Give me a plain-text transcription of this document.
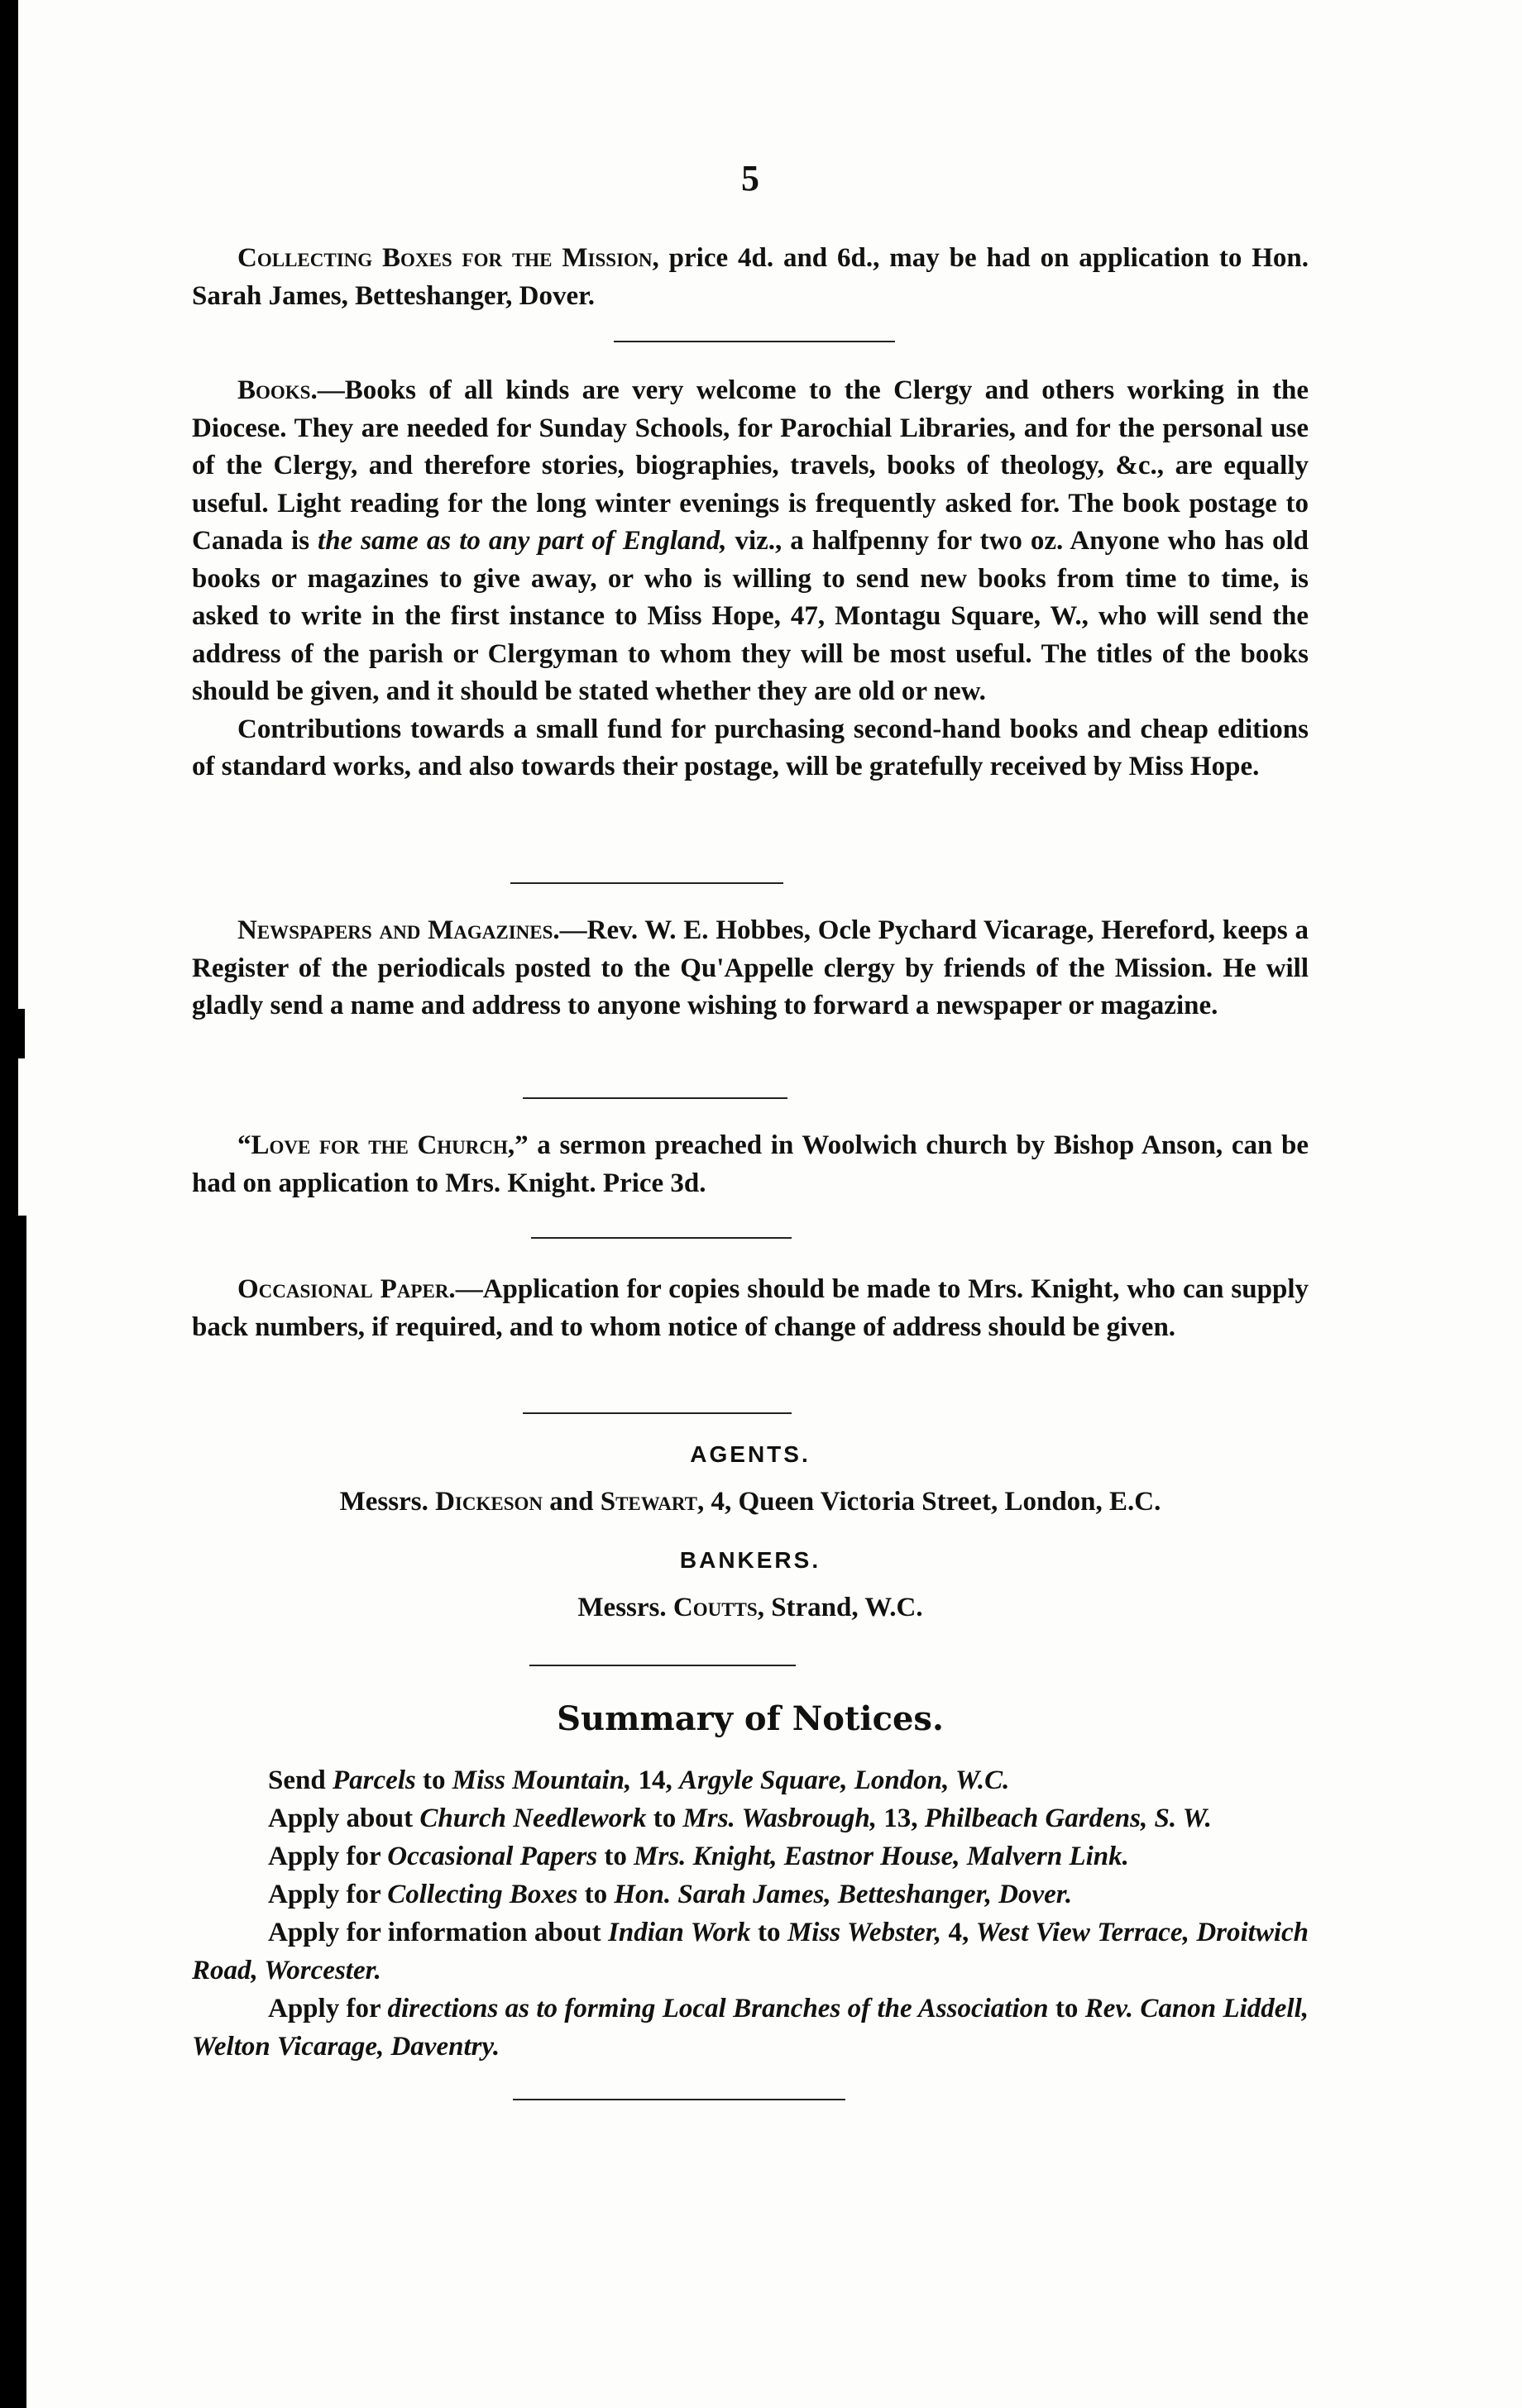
5

Collecting Boxes for the Mission, price 4d. and 6d., may be had on application to Hon. Sarah James, Betteshanger, Dover.

Books.—Books of all kinds are very welcome to the Clergy and others working in the Diocese. They are needed for Sunday Schools, for Parochial Libraries, and for the personal use of the Clergy, and therefore stories, biographies, travels, books of theology, &c., are equally useful. Light reading for the long winter evenings is frequently asked for. The book postage to Canada is the same as to any part of England, viz., a halfpenny for two oz. Anyone who has old books or magazines to give away, or who is willing to send new books from time to time, is asked to write in the first instance to Miss Hope, 47, Montagu Square, W., who will send the address of the parish or Clergyman to whom they will be most useful. The titles of the books should be given, and it should be stated whether they are old or new.

Contributions towards a small fund for purchasing second-hand books and cheap editions of standard works, and also towards their postage, will be gratefully received by Miss Hope.

Newspapers and Magazines.—Rev. W. E. Hobbes, Ocle Pychard Vicarage, Hereford, keeps a Register of the periodicals posted to the Qu'Appelle clergy by friends of the Mission. He will gladly send a name and address to anyone wishing to forward a newspaper or magazine.

“Love for the Church,” a sermon preached in Woolwich church by Bishop Anson, can be had on application to Mrs. Knight. Price 3d.

Occasional Paper.—Application for copies should be made to Mrs. Knight, who can supply back numbers, if required, and to whom notice of change of address should be given.

AGENTS.
Messrs. Dickeson and Stewart, 4, Queen Victoria Street, London, E.C.
BANKERS.
Messrs. Coutts, Strand, W.C.
Summary of Notices.

Send Parcels to Miss Mountain, 14, Argyle Square, London, W.C.

Apply about Church Needlework to Mrs. Wasbrough, 13, Philbeach Gardens, S. W.

Apply for Occasional Papers to Mrs. Knight, Eastnor House, Malvern Link.

Apply for Collecting Boxes to Hon. Sarah James, Betteshanger, Dover.

Apply for information about Indian Work to Miss Webster, 4, West View Terrace, Droitwich Road, Worcester.

Apply for directions as to forming Local Branches of the Association to Rev. Canon Liddell, Welton Vicarage, Daventry.
